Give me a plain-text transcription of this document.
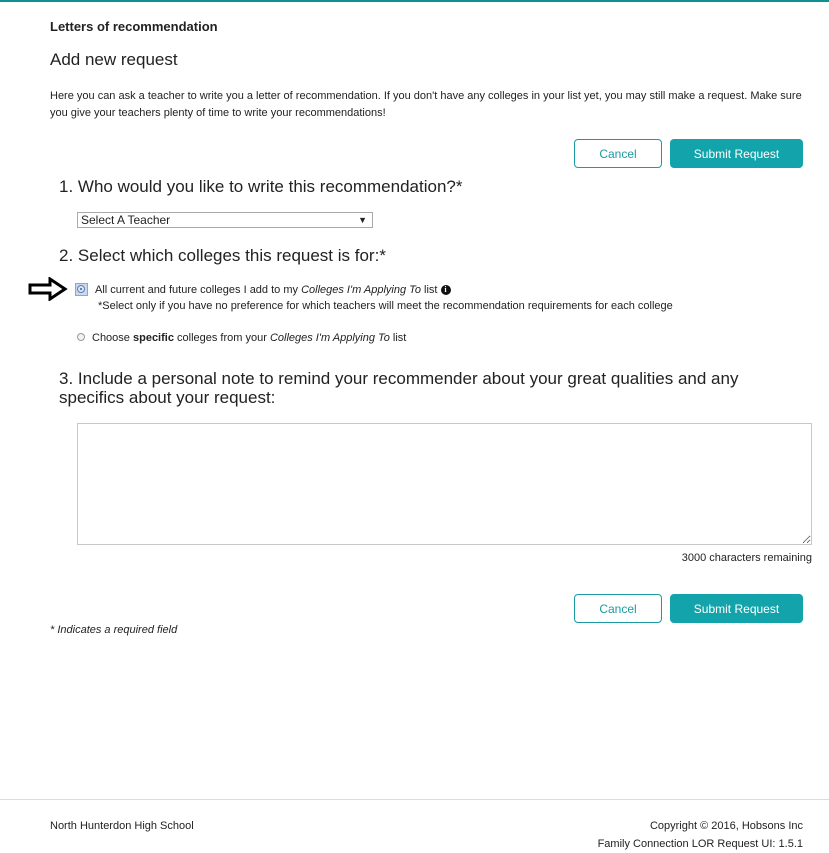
Letters of recommendation
Add new request
Here you can ask a teacher to write you a letter of recommendation. If you don't have any colleges in your list yet, you may still make a request. Make sure you give your teachers plenty of time to write your recommendations!
Cancel	Submit Request
1. Who would you like to write this recommendation?*
Select A Teacher	▼
2. Select which colleges this request is for:*
All current and future colleges I add to my Colleges I'm Applying To list i
*Select only if you have no preference for which teachers will meet the recommendation requirements for each college
Choose specific colleges from your Colleges I'm Applying To list
3. Include a personal note to remind your recommender about your great qualities and any specifics about your request:
3000 characters remaining
Cancel	Submit Request
* Indicates a required field
North Hunterdon High School	Copyright © 2016, Hobsons Inc
Family Connection LOR Request UI: 1.5.1
